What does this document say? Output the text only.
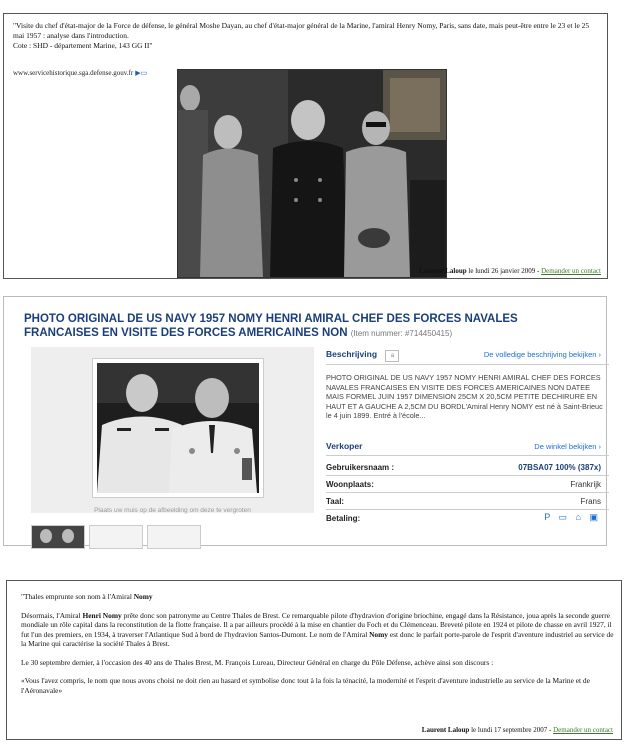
"Visite du chef d'état-major de la Force de défense, le général Moshe Dayan, au chef d'état-major général de la Marine, l'amiral Henry Nomy, Paris, sans date, mais peut-être entre le 23 et le 25 mai 1957 : analyse dans l'introduction.
Cote : SHD - département Marine, 143 GG II"
www.servicehistorique.sga.defense.gouv.fr ▶▭
Laurent Laloup le lundi 26 janvier 2009 - Demander un contact
PHOTO ORIGINAL DE US NAVY 1957 NOMY HENRI AMIRAL CHEF DES FORCES NAVALES FRANCAISES EN VISITE DES FORCES AMERICAINES NON (Item nummer: #714450415)
Plaats uw muis op de afbeelding om deze te vergroten
Beschrijving a	De volledige beschrijving bekijken ›
PHOTO ORIGINAL DE US NAVY 1957 NOMY HENRI AMIRAL CHEF DES FORCES NAVALES FRANCAISES EN VISITE DES FORCES AMERICAINES NON DATEE MAIS FORMEL JUIN 1957 DIMENSION 25CM X 20,5CM PETITE DECHIRURE EN HAUT ET A GAUCHE A 2,5CM DU BORDL'Amiral Henry NOMY est né à Saint-Brieuc le 4 juin 1899. Entré à l'école...
Verkoper	De winkel bekijken ›
Gebruikersnaam :	07BSA07 100% (387x)
Woonplaats:	Frankrijk
Taal:	Frans
Betaling:	P ▭ ⌂ ▣

"Thales emprunte son nom à l'Amiral Nomy

Désormais, l'Amiral Henri Nomy prête donc son patronyme au Centre Thales de Brest. Ce remarquable pilote d'hydravion d'origine briochine, engagé dans la Résistance, joua après la seconde guerre mondiale un rôle capital dans la reconstitution de la flotte française. Il a par ailleurs procédé à la mise en chantier du Foch et du Clémenceau. Breveté pilote en 1924 et pilote de chasse en avril 1927, il fut l'un des premiers, en 1934, à traverser l'Atlantique Sud à bord de l'hydravion Santos-Dumont. Le nom de l'Amiral Nomy est donc le parfait porte-parole de l'esprit d'aventure industriel au service de la Marine qui caractérise la société Thales à Brest.

Le 30 septembre dernier, à l'occasion des 40 ans de Thales Brest, M. François Lureau, Directeur Général en charge du Pôle Défense, achève ainsi son discours :

«Vous l'avez compris, le nom que nous avons choisi ne doit rien au hasard et symbolise donc tout à la fois la ténacité, la modernité et l'esprit d'aventure industrielle au service de la Marine et de l'Aéronavale»

Laurent Laloup le lundi 17 septembre 2007 - Demander un contact
